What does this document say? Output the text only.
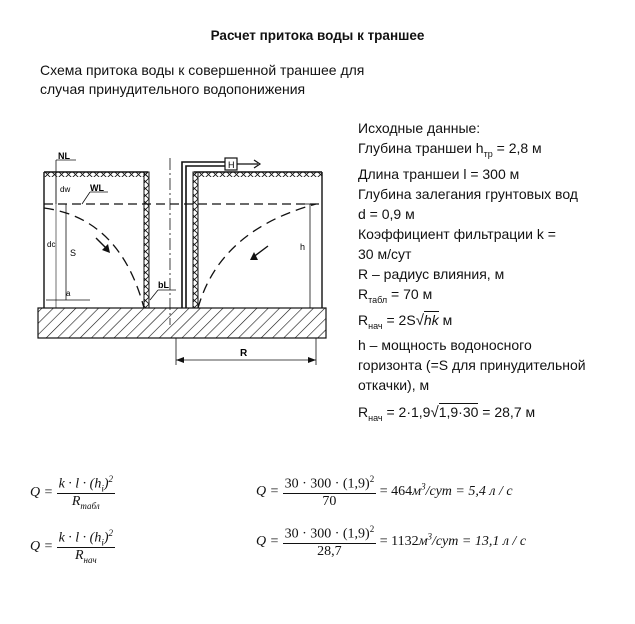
Расчет притока воды к траншее
Схема притока воды к совершенной траншее для
случая принудительного водопонижения
Н
NL
WL
dw
dc
S
a
bL
h
R
Исходные данные:
Глубина траншеи $h_{тр} = 2,8$ м
Длина траншеи l = 300 м
Глубина залегания грунтовых вод
d = 0,9 м
Коэффициент фильтрации k =
30 м/сут
R – радиус влияния, м
$R_{табл} = 70$ м
$R_{нач} = 2S√hk$ м
h – мощность водоносного
горизонта (=S для принудительной
откачки), м
$R_{нач} = 2\cdot 1,9√1,9\cdot 30 = 28,7$ м
$Q = \frac{k \cdot l \cdot (h_i)^2}{R_{табл}}$	$Q = \frac{30 \cdot 300 \cdot (1,9)^2}{70} = 464м^3/сут = 5,4$ л / с
$Q = \frac{k \cdot l \cdot (h_i)^2}{R_{нач}}$	$Q = \frac{30 \cdot 300 \cdot (1,9)^2}{28,7} = 1132м^3/сут = 13,1$ л / с
